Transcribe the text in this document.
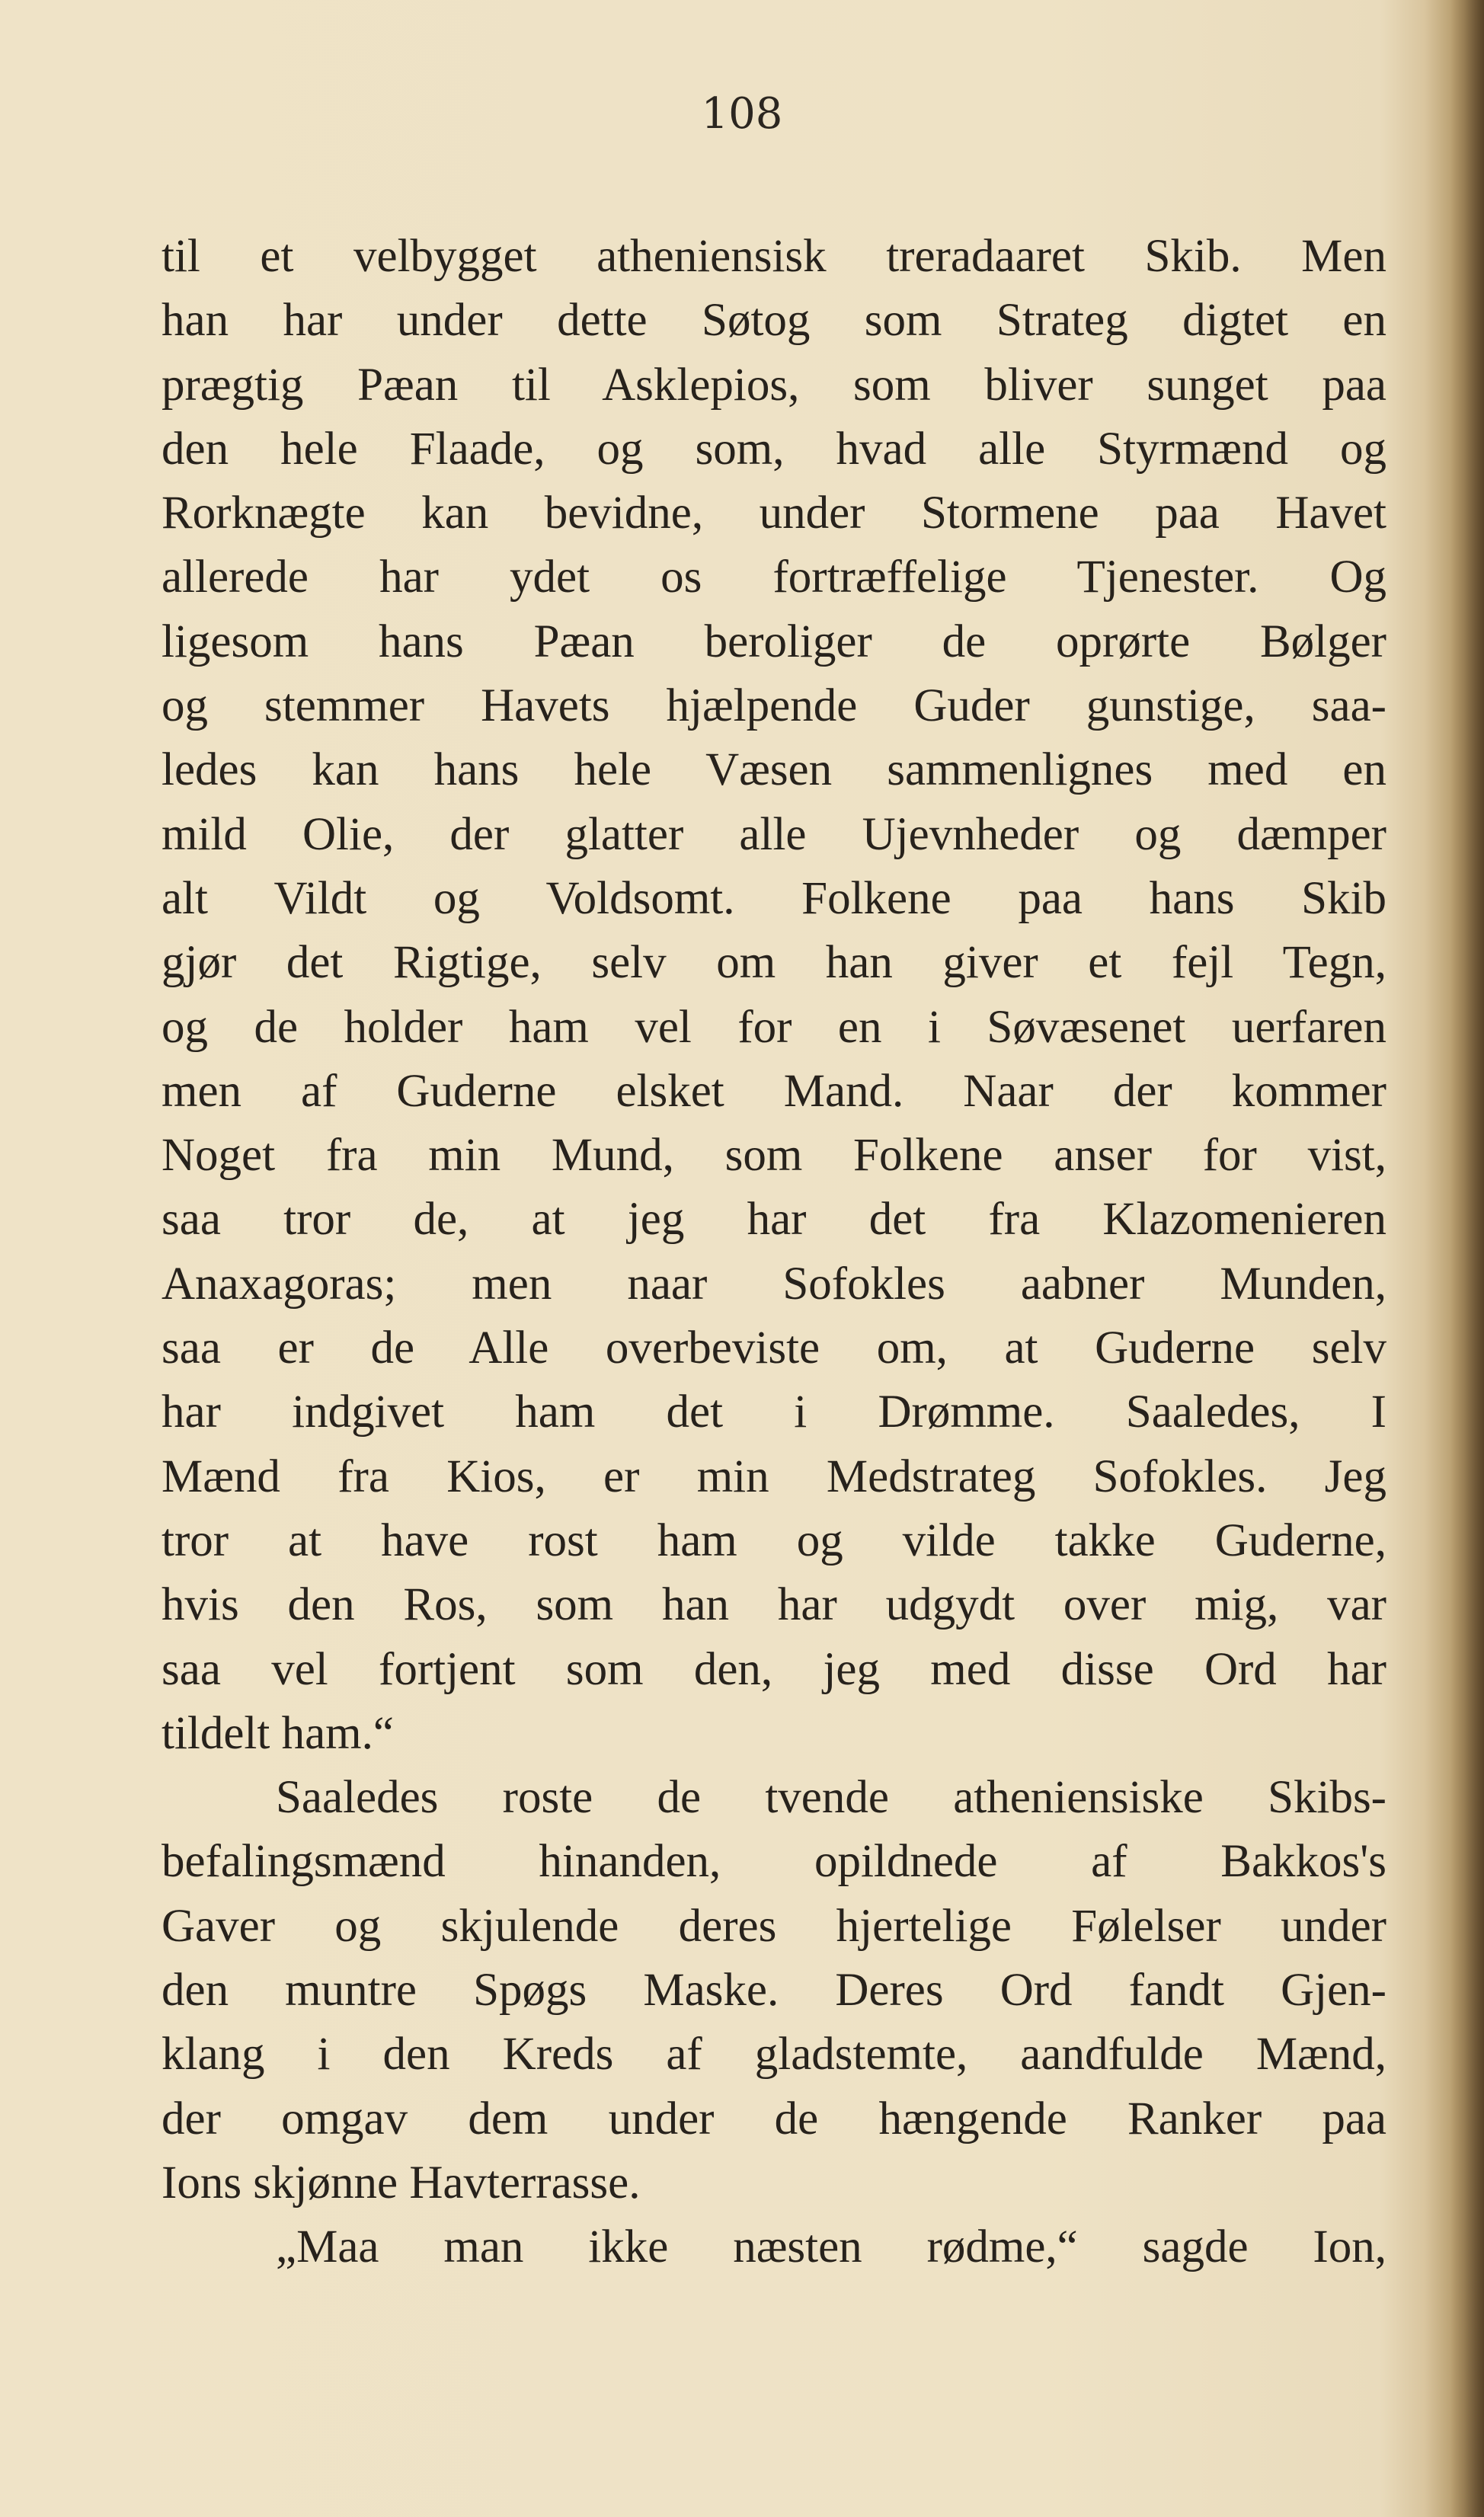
108
til et velbygget atheniensisk treradaaret Skib. Men
han har under dette Søtog som Strateg digtet en
prægtig Pæan til Asklepios, som bliver sunget paa
den hele Flaade, og som, hvad alle Styrmænd og
Rorknægte kan bevidne, under Stormene paa Havet
allerede har ydet os fortræffelige Tjenester. Og
ligesom hans Pæan beroliger de oprørte Bølger
og stemmer Havets hjælpende Guder gunstige, saa-
ledes kan hans hele Væsen sammenlignes med en
mild Olie, der glatter alle Ujevnheder og dæmper
alt Vildt og Voldsomt. Folkene paa hans Skib
gjør det Rigtige, selv om han giver et fejl Tegn,
og de holder ham vel for en i Søvæsenet uerfaren
men af Guderne elsket Mand. Naar der kommer
Noget fra min Mund, som Folkene anser for vist,
saa tror de, at jeg har det fra Klazomenieren
Anaxagoras; men naar Sofokles aabner Munden,
saa er de Alle overbeviste om, at Guderne selv
har indgivet ham det i Drømme. Saaledes, I
Mænd fra Kios, er min Medstrateg Sofokles. Jeg
tror at have rost ham og vilde takke Guderne,
hvis den Ros, som han har udgydt over mig, var
saa vel fortjent som den, jeg med disse Ord har
tildelt ham.“
Saaledes roste de tvende atheniensiske Skibs-
befalingsmænd hinanden, opildnede af Bakkos's
Gaver og skjulende deres hjertelige Følelser under
den muntre Spøgs Maske. Deres Ord fandt Gjen-
klang i den Kreds af gladstemte, aandfulde Mænd,
der omgav dem under de hængende Ranker paa
Ions skjønne Havterrasse.
„Maa man ikke næsten rødme,“ sagde Ion,
